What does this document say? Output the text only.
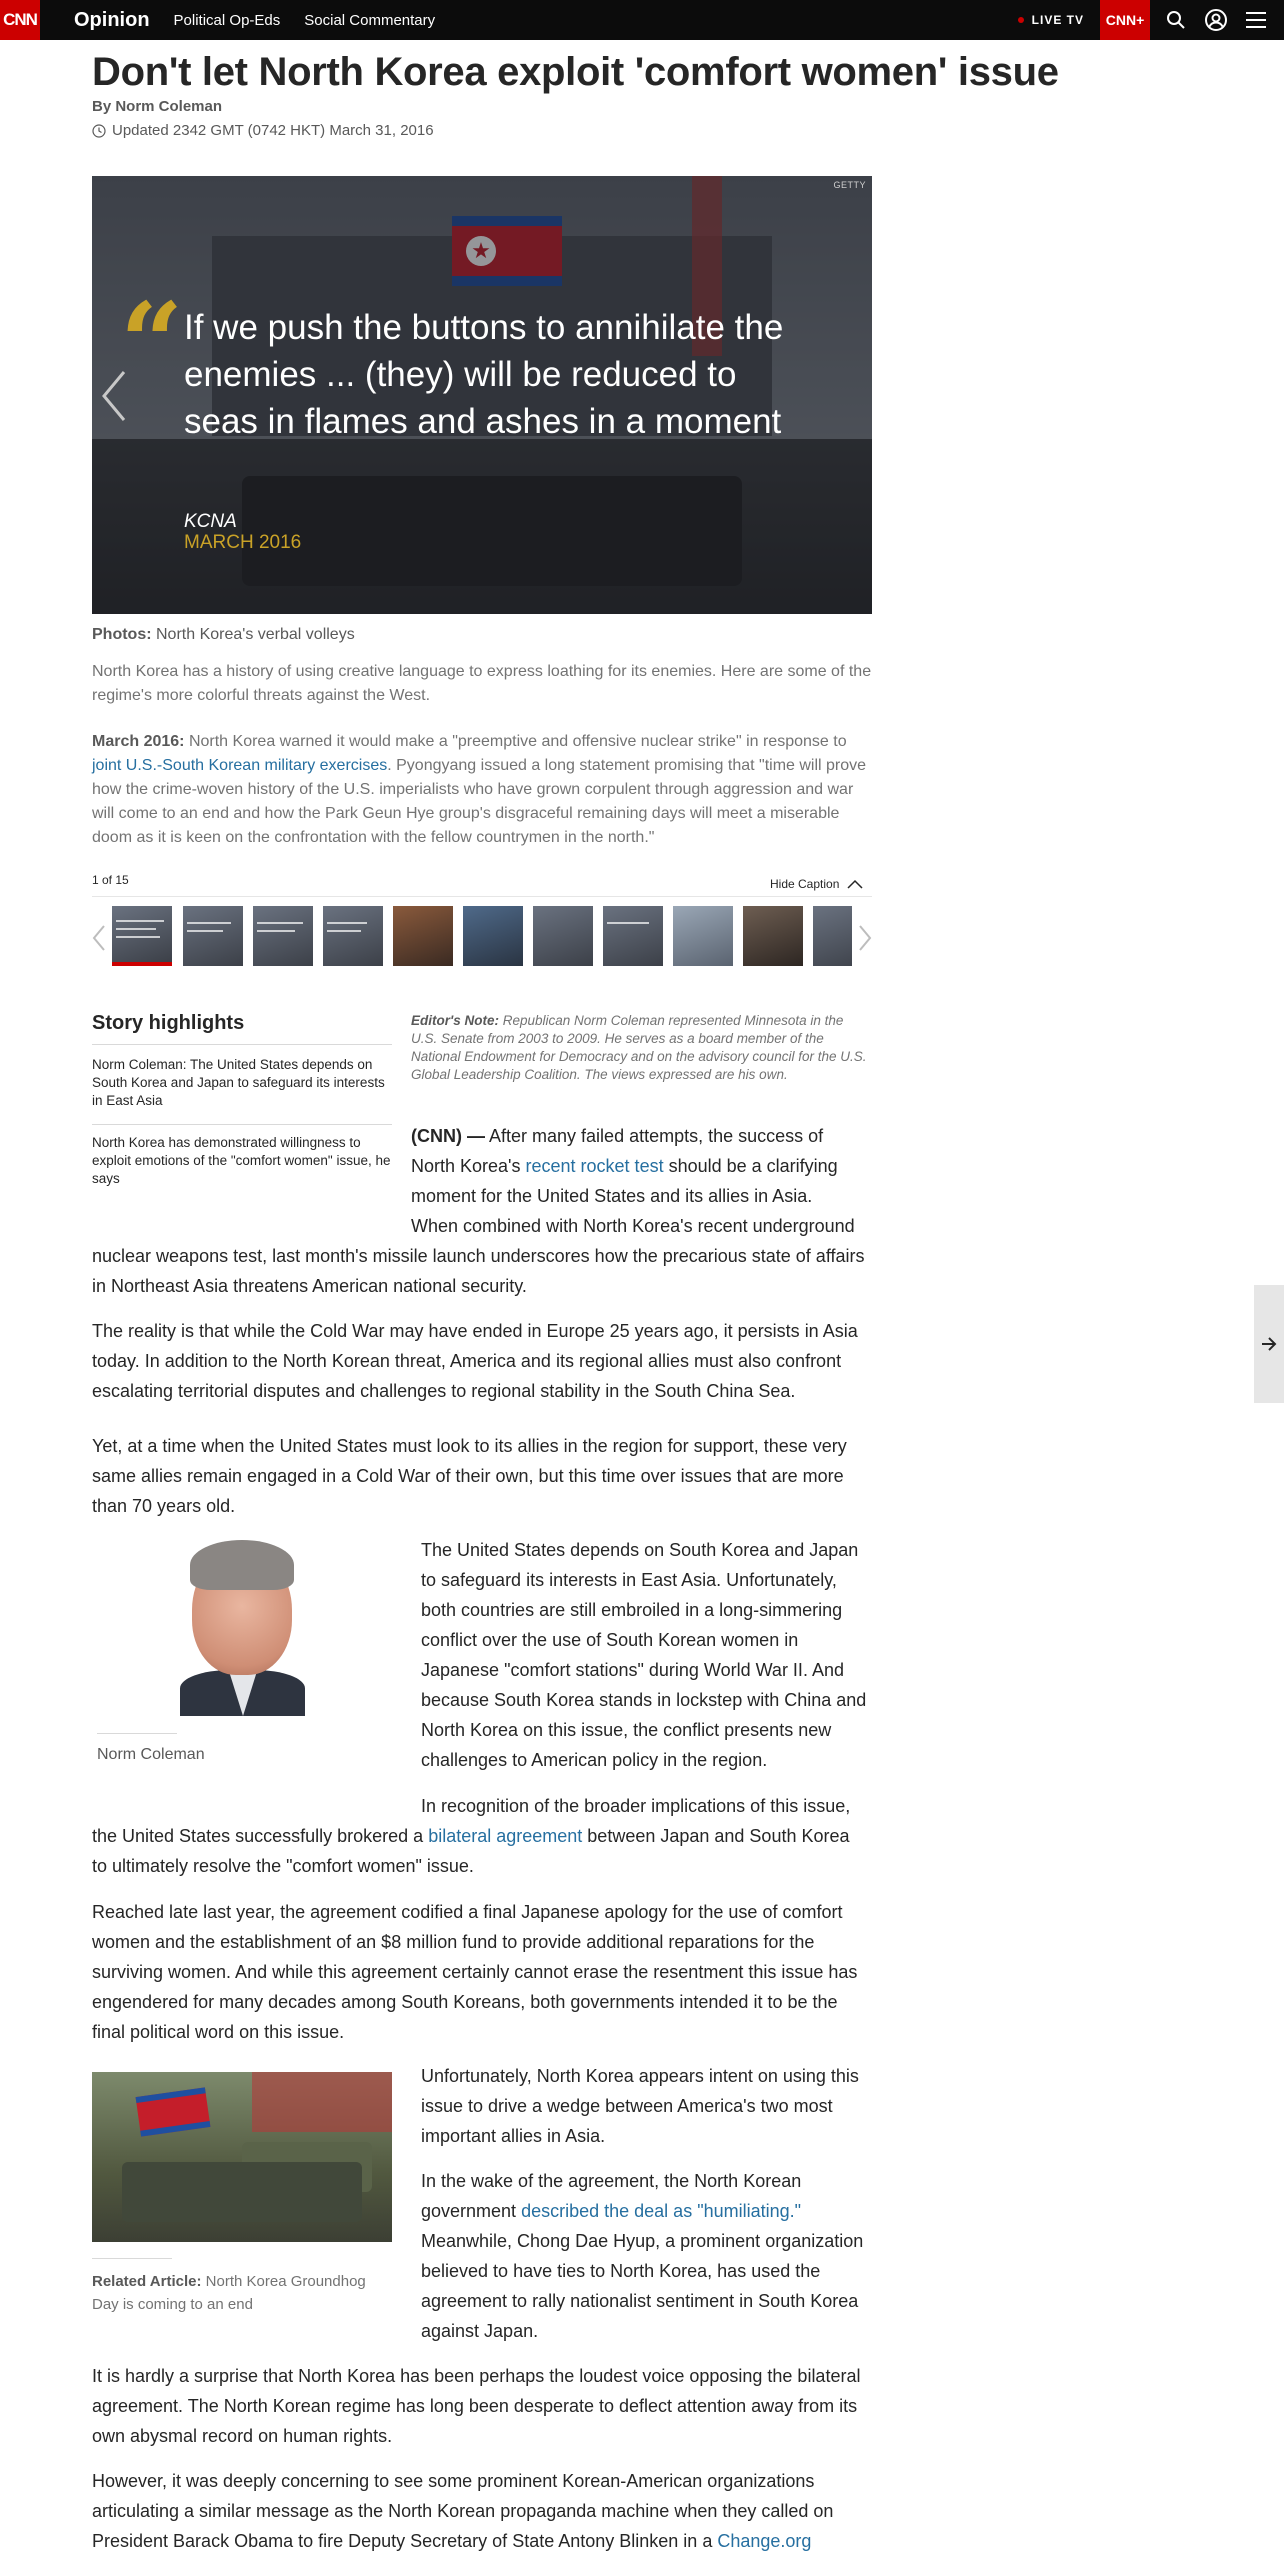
CNN Opinion Political Op-Eds Social Commentary	LIVE TV	CNN+
Don't let North Korea exploit 'comfort women' issue
By Norm Coleman
Updated 2342 GMT (0742 HKT) March 31, 2016
★
GETTY
“ If we push the buttons to annihilate the enemies ... (they) will be reduced to seas in flames and ashes in a moment
KCNA
MARCH 2016
Photos: North Korea's verbal volleys
North Korea has a history of using creative language to express loathing for its enemies. Here are some of the regime's more colorful threats against the West.
March 2016: North Korea warned it would make a "preemptive and offensive nuclear strike" in response to joint U.S.-South Korean military exercises. Pyongyang issued a long statement promising that "time will prove how the crime-woven history of the U.S. imperialists who have grown corpulent through aggression and war will come to an end and how the Park Geun Hye group's disgraceful remaining days will meet a miserable doom as it is keen on the confrontation with the fellow countrymen in the north."
1 of 15	Hide Caption
Story highlights
Norm Coleman: The United States depends on South Korea and Japan to safeguard its interests in East Asia
North Korea has demonstrated willingness to exploit emotions of the "comfort women" issue, he says
Editor's Note: Republican Norm Coleman represented Minnesota in the U.S. Senate from 2003 to 2009. He serves as a board member of the National Endowment for Democracy and on the advisory council for the U.S. Global Leadership Coalition. The views expressed are his own.
(CNN) — After many failed attempts, the success of
North Korea's recent rocket test should be a clarifying
moment for the United States and its allies in Asia.
When combined with North Korea's recent underground
nuclear weapons test, last month's missile launch underscores how the precarious state of affairs in Northeast Asia threatens American national security.
The reality is that while the Cold War may have ended in Europe 25 years ago, it persists in Asia today. In addition to the North Korean threat, America and its regional allies must also confront escalating territorial disputes and challenges to regional stability in the South China Sea.
Yet, at a time when the United States must look to its allies in the region for support, these very same allies remain engaged in a Cold War of their own, but this time over issues that are more than 70 years old.
Norm Coleman
The United States depends on South Korea and Japan to safeguard its interests in East Asia. Unfortunately, both countries are still embroiled in a long-simmering conflict over the use of South Korean women in Japanese "comfort stations" during World War II. And because South Korea stands in lockstep with China and North Korea on this issue, the conflict presents new challenges to American policy in the region.
In recognition of the broader implications of this issue,
the United States successfully brokered a bilateral agreement between Japan and South Korea
to ultimately resolve the "comfort women" issue.
Reached late last year, the agreement codified a final Japanese apology for the use of comfort women and the establishment of an $8 million fund to provide additional reparations for the surviving women. And while this agreement certainly cannot erase the resentment this issue has engendered for many decades among South Koreans, both governments intended it to be the final political word on this issue.
Related Article: North Korea Groundhog Day is coming to an end
Unfortunately, North Korea appears intent on using this issue to drive a wedge between America's two most important allies in Asia.
In the wake of the agreement, the North Korean
government described the deal as "humiliating."
Meanwhile, Chong Dae Hyup, a prominent organization believed to have ties to North Korea, has used the agreement to rally nationalist sentiment in South Korea against Japan.
It is hardly a surprise that North Korea has been perhaps the loudest voice opposing the bilateral agreement. The North Korean regime has long been desperate to deflect attention away from its own abysmal record on human rights.
However, it was deeply concerning to see some prominent Korean-American organizations articulating a similar message as the North Korean propaganda machine when they called on President Barack Obama to fire Deputy Secretary of State Antony Blinken in a Change.org
